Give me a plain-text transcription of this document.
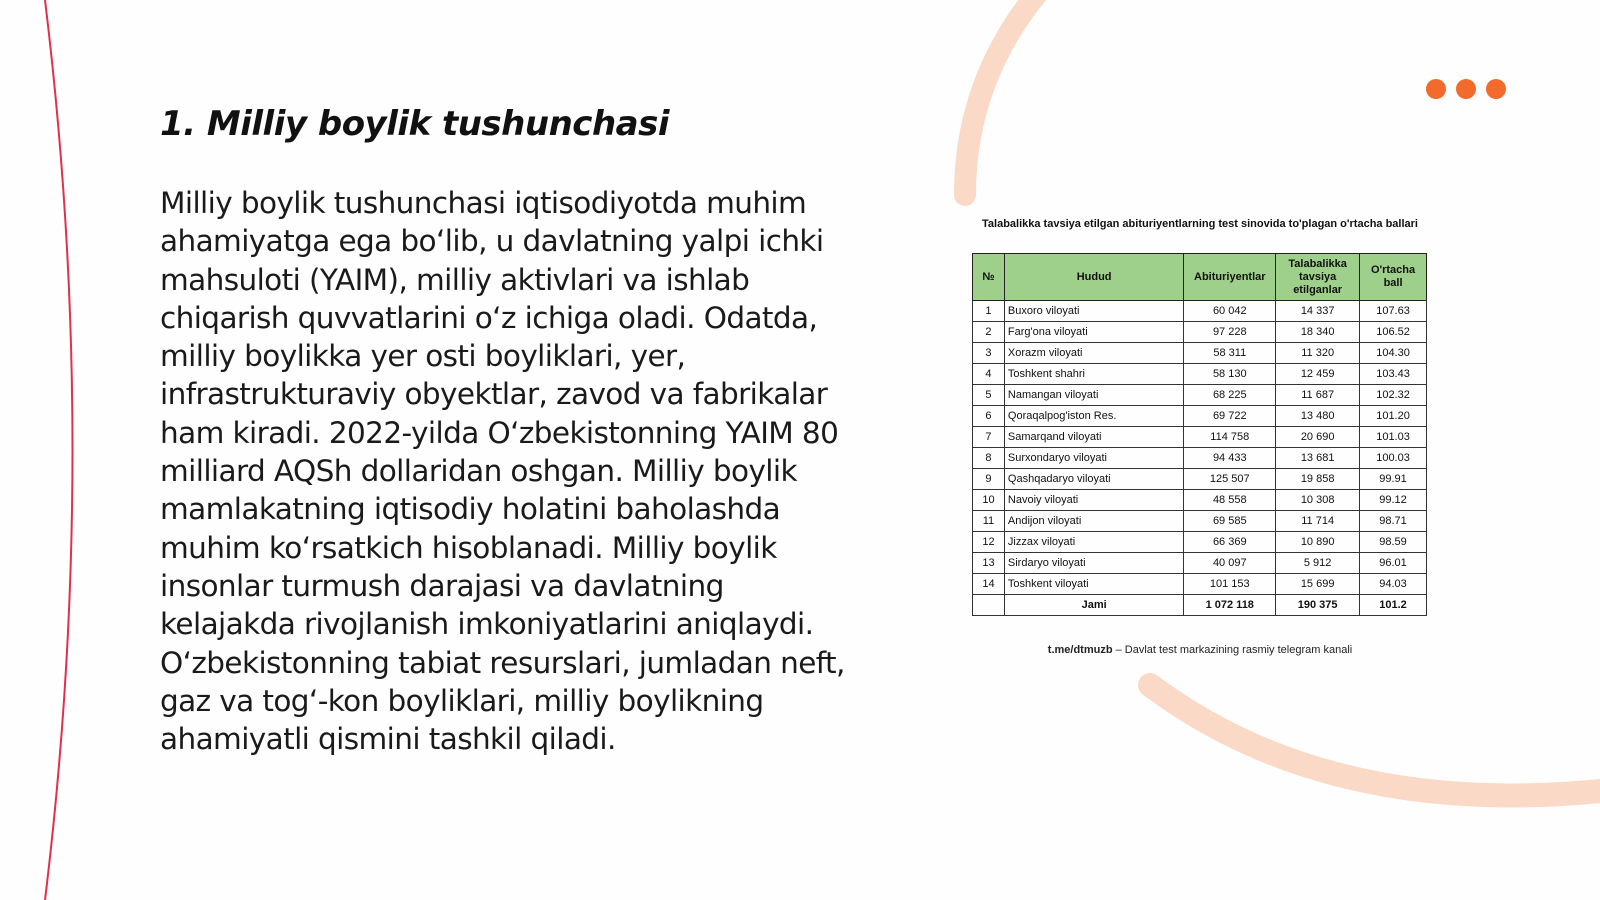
1. Milliy boylik tushunchasi
Milliy boylik tushunchasi iqtisodiyotda muhim ahamiyatga ega bo‘lib, u davlatning yalpi ichki mahsuloti (YAIM), milliy aktivlari va ishlab chiqarish quvvatlarini o‘z ichiga oladi. Odatda, milliy boylikka yer osti boyliklari, yer, infrastrukturaviy obyektlar, zavod va fabrikalar ham kiradi. 2022-yilda O‘zbekistonning YAIM 80 milliard AQSh dollaridan oshgan. Milliy boylik mamlakatning iqtisodiy holatini baholashda muhim ko‘rsatkich hisoblanadi. Milliy boylik insonlar turmush darajasi va davlatning kelajakda rivojlanish imkoniyatlarini aniqlaydi. O‘zbekistonning tabiat resurslari, jumladan neft, gaz va tog‘-kon boyliklari, milliy boylikning ahamiyatli qismini tashkil qiladi.
Talabalikka tavsiya etilgan abituriyentlarning test sinovida to'plagan o'rtacha ballari
№	Hudud	Abituriyentlar	Talabalikka tavsiya etilganlar	O'rtacha ball
1	Buxoro viloyati	60 042	14 337	107.63
2	Farg'ona viloyati	97 228	18 340	106.52
3	Xorazm viloyati	58 311	11 320	104.30
4	Toshkent shahri	58 130	12 459	103.43
5	Namangan viloyati	68 225	11 687	102.32
6	Qoraqalpog'iston Res.	69 722	13 480	101.20
7	Samarqand viloyati	114 758	20 690	101.03
8	Surxondaryo viloyati	94 433	13 681	100.03
9	Qashqadaryo viloyati	125 507	19 858	99.91
10	Navoiy viloyati	48 558	10 308	99.12
11	Andijon viloyati	69 585	11 714	98.71
12	Jizzax viloyati	66 369	10 890	98.59
13	Sirdaryo viloyati	40 097	5 912	96.01
14	Toshkent viloyati	101 153	15 699	94.03
	Jami	1 072 118	190 375	101.2
t.me/dtmuzb – Davlat test markazining rasmiy telegram kanali
